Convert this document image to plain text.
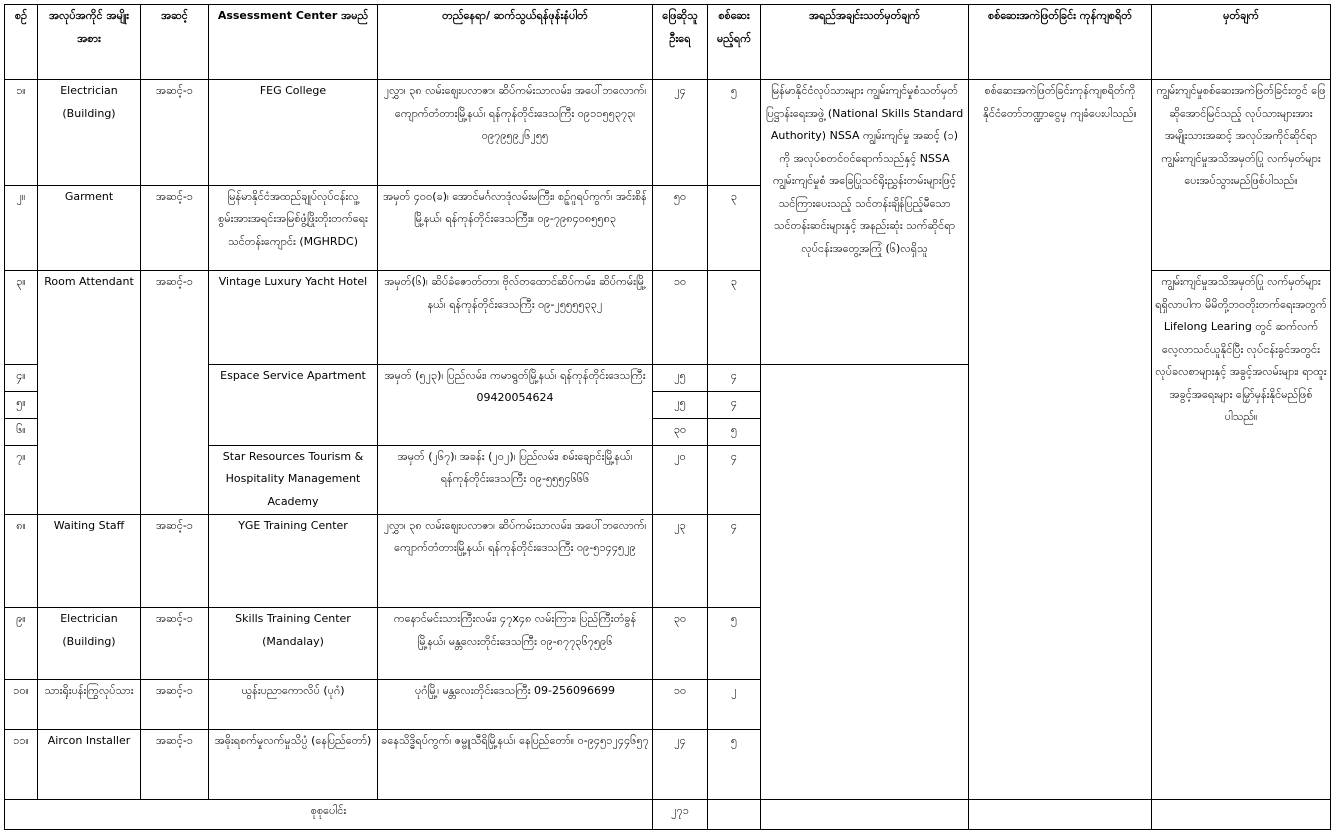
စဉ်	အလုပ်အကိုင် အမျိုးအစား	အဆင့်	Assessment Center အမည်	တည်နေရာ/ ဆက်သွယ်ရန်ဖုန်းနံပါတ်	ဖြေဆိုသူ ဦးရေ	စစ်ဆေး မည့်ရက်	အရည်အချင်းသတ်မှတ်ချက်	စစ်ဆေးအကဲဖြတ်ခြင်း ကုန်ကျစရိတ်	မှတ်ချက်
၁။	Electrician (Building)	အဆင့်-၁	FEG College	၂လွှာ၊ ၃၈ လမ်းဈေးပလာဇာ၊ ဆိပ်ကမ်းသာလမ်း၊ အပေါ်ဘလောက်၊ ကျောက်တံတားမြို့နယ်၊ ရန်ကုန်တိုင်းဒေသကြီး ၀၉၁၁၅၅၃၇၃၊ ၀၉၇၉၅၉၂၆၂၅၅	၂၄	၅	မြန်မာနိုင်ငံလုပ်သားများ ကျွမ်းကျင်မှုစံသတ်မှတ်ပြဋ္ဌာန်းရေးအဖွဲ့ (National Skills Standard Authority) NSSA ကျွမ်းကျင်မှု အဆင့် (၁) ကို အလုပ်စတင်ဝင်ရောက်သည်နှင့် NSSA ကျွမ်းကျင်မှုစံ အခြေပြုသင်ရိုးညွှန်းတမ်းများဖြင့်သင်ကြားပေးသည့် သင်တန်းချိန်ပြည့်မီသော သင်တန်းဆင်းများနှင့် အနည်းဆုံး သက်ဆိုင်ရာလုပ်ငန်းအတွေ့အကြုံ (၆)လရှိသူ	စစ်ဆေးအကဲဖြတ်ခြင်းကုန်ကျစရိတ်ကို နိုင်ငံတော်ဘဏ္ဍာငွေမှ ကျခံပေးပါသည်။	ကျွမ်းကျင်မှုစစ်ဆေးအကဲဖြတ်ခြင်းတွင် ဖြေဆိုအောင်မြင်သည့် လုပ်သားများအား အမျိုးသားအဆင့် အလုပ်အကိုင်ဆိုင်ရာ ကျွမ်းကျင်မှုအသိအမှတ်ပြု လက်မှတ်များ ပေးအပ်သွားမည်ဖြစ်ပါသည်။
၂။	Garment	အဆင့်-၁	မြန်မာနိုင်ငံအထည်ချုပ်လုပ်ငန်းလူ့စွမ်းအားအရင်းအမြစ်ဖွံ့ဖြိုးတိုးတက်ရေးသင်တန်းကျောင်း (MGHRDC)	အမှတ် ၄၀၀(ခ)၊ အောင်မင်္ဂလာဒုံလမ်းမကြီး၊ စဉ့်ဂူရပ်ကွက်၊ အင်းစိန်မြို့နယ်၊ ရန်ကုန်တိုင်းဒေသကြီး။ ၀၉-၇၉၈၄၀၈၅၅၈၃	၅၀	၃			
၃။	Room Attendant	အဆင့်-၁	Vintage Luxury Yacht Hotel	အမှတ်(၆)၊ ဆိပ်ခံဇောတ်တာ၊ ဗိုလ်တထောင်ဆိပ်ကမ်း၊ ဆိပ်ကမ်းမြို့နယ်၊ ရန်ကုန်တိုင်းဒေသကြီး ၀၉-၂၅၅၅၅၃၃၂	၁၀	၃			ကျွမ်းကျင်မှုအသိအမှတ်ပြု လက်မှတ်များ ရရှိလာပါက မိမိတို့ဘဝတိုးတက်ရေးအတွက် Lifelong Learing တွင် ဆက်လက်လေ့လာသင်ယူနိုင်ပြီး လုပ်ငန်းခွင်အတွင်းလုပ်ခလစာများနှင့် အခွင့်အလမ်းများ၊ ရာထူးအခွင့်အရေးများ မြှော်မှန်းနိုင်မည်ဖြစ်ပါသည်။
၄။			Espace Service Apartment	အမှတ် (၅၂၃)၊ ပြည်လမ်း၊ ကမာရွတ်မြို့နယ်၊ ရန်ကုန်တိုင်းဒေသကြီး 09420054624	၂၅	၄			
၅။					၂၅	၄			
၆။					၃၀	၅			
၇။			Star Resources Tourism & Hospitality Management Academy	အမှတ် (၂၆၇)၊ အခန်း (၂၀၂)၊ ပြည်လမ်း၊ စမ်းချောင်းမြို့နယ်၊ ရန်ကုန်တိုင်းဒေသကြီး ၀၉-၅၅၅၄၆၆၆	၂၀	၄			
၈။	Waiting Staff	အဆင့်-၁	YGE Training Center	၂လွှာ၊ ၃၈ လမ်းဈေးပလာဇာ၊ ဆိပ်ကမ်းသာလမ်း၊ အပေါ်ဘလောက်၊ ကျောက်တံတားမြို့နယ်၊ ရန်ကုန်တိုင်းဒေသကြီး ၀၉-၅၁၄၄၅၂၉	၂၃	၄			
၉။	Electrician (Building)	အဆင့်-၁	Skills Training Center (Mandalay)	ကနောင်မင်းသားကြီးလမ်း၊ ၄၇x၄၈ လမ်းကြား၊ ပြည်ကြီးတံခွန်မြို့နယ်၊ မန္တလေးတိုင်းဒေသကြီး ၀၉-၈၇၇၃၆၇၅၉၆	၃၀	၅			
၁၀။	သားရိုးပန်းကြွလုပ်သား	အဆင့်-၁	ယွန်းပညာကောလိပ် (ပုဂံ)	ပုဂံမြို့၊ မန္တလေးတိုင်းဒေသကြီး 09-256096699	၁၀	၂			
၁၁။	Aircon Installer	အဆင့်-၁	အဓိုးရစက်မှုလက်မှုသိပ္ပံ (နေပြည်တော်)	ခနေသိဒ္ဓိရပ်ကွက်၊ ဇမ္ဗူသီရိမြို့နယ်၊ နေပြည်တော်။ ၀-၉၄၅၁၂၄၄၆၅၇	၂၄	၅			
စုစုပေါင်း					၂၇၁				
